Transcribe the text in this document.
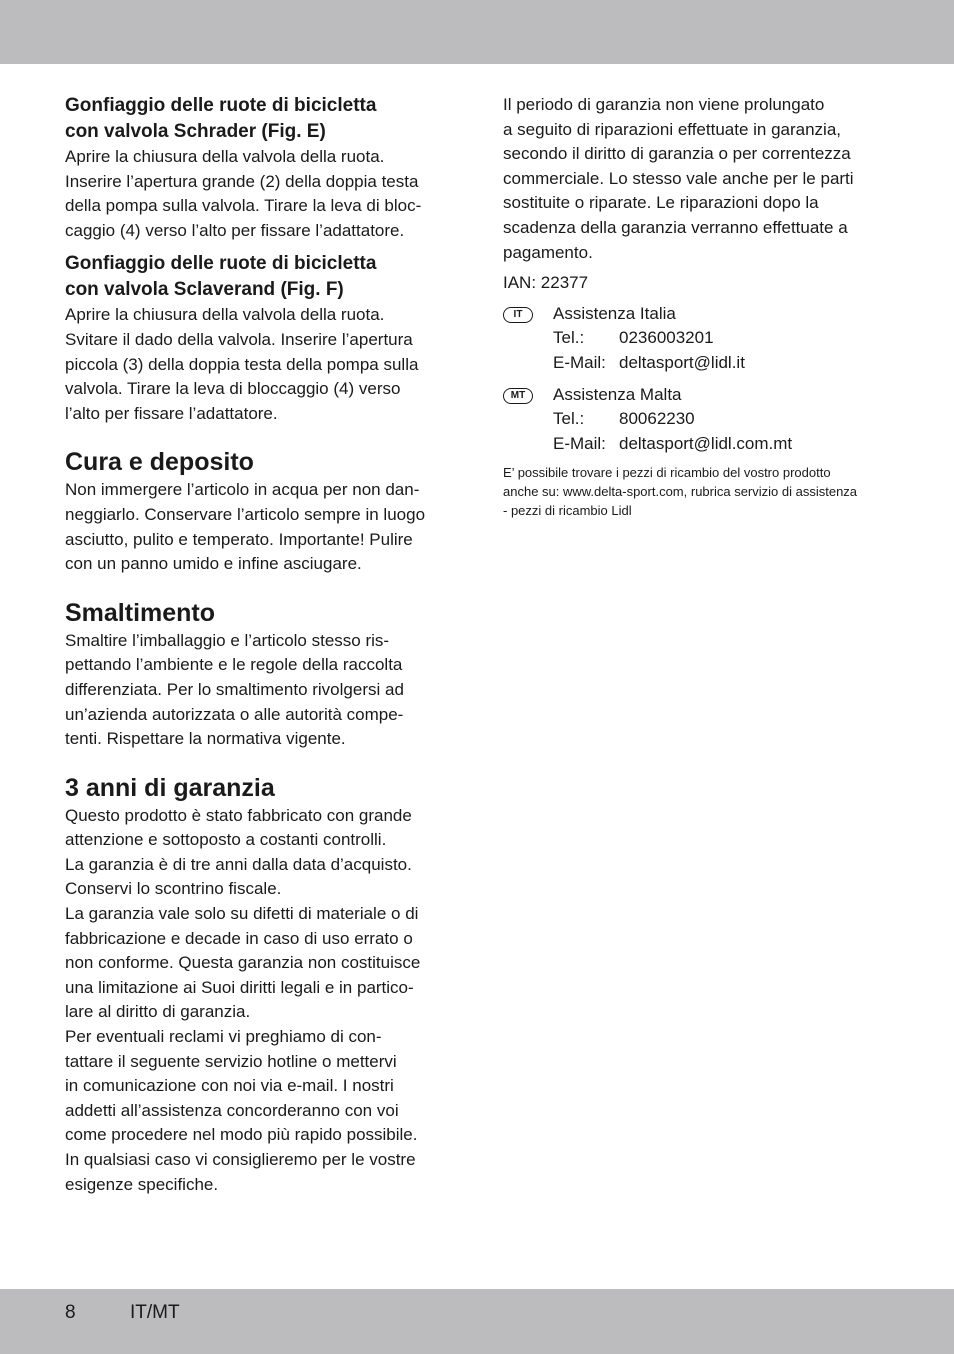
Gonfiaggio delle ruote di bicicletta
con valvola Schrader (Fig. E)

Aprire la chiusura della valvola della ruota.
Inserire l’apertura grande (2) della doppia testa
della pompa sulla valvola. Tirare la leva di bloc-
caggio (4) verso l’alto per fissare l’adattatore.

Gonfiaggio delle ruote di bicicletta
con valvola Sclaverand (Fig. F)

Aprire la chiusura della valvola della ruota.
Svitare il dado della valvola. Inserire l’apertura
piccola (3) della doppia testa della pompa sulla
valvola. Tirare la leva di bloccaggio (4) verso
l’alto per fissare l’adattatore.

Cura e deposito

Non immergere l’articolo in acqua per non dan-
neggiarlo. Conservare l’articolo sempre in luogo
asciutto, pulito e temperato. Importante! Pulire
con un panno umido e infine asciugare.

Smaltimento

Smaltire l’imballaggio e l’articolo stesso ris-
pettando l’ambiente e le regole della raccolta
differenziata. Per lo smaltimento rivolgersi ad
un’azienda autorizzata o alle autorità compe-
tenti. Rispettare la normativa vigente.

3 anni di garanzia

Questo prodotto è stato fabbricato con grande
attenzione e sottoposto a costanti controlli.
La garanzia è di tre anni dalla data d’acquisto.
Conservi lo scontrino fiscale.
La garanzia vale solo su difetti di materiale o di
fabbricazione e decade in caso di uso errato o
non conforme. Questa garanzia non costituisce
una limitazione ai Suoi diritti legali e in partico-
lare al diritto di garanzia.
Per eventuali reclami vi preghiamo di con-
tattare il seguente servizio hotline o mettervi
in comunicazione con noi via e-mail. I nostri
addetti all’assistenza concorderanno con voi
come procedere nel modo più rapido possibile.
In qualsiasi caso vi consiglieremo per le vostre
esigenze specifiche.

Il periodo di garanzia non viene prolungato
a seguito di riparazioni effettuate in garanzia,
secondo il diritto di garanzia o per correntezza
commerciale. Lo stesso vale anche per le parti
sostituite o riparate. Le riparazioni dopo la
scadenza della garanzia verranno effettuate a
pagamento.

IAN: 22377

IT	Assistenza Italia
Tel.: 0236003201
E-Mail: deltasport@lidl.it
MT	Assistenza Malta
Tel.: 80062230
E-Mail: deltasport@lidl.com.mt

E’ possibile trovare i pezzi di ricambio del vostro prodotto
anche su: www.delta-sport.com, rubrica servizio di assistenza
- pezzi di ricambio Lidl

8	IT/MT
